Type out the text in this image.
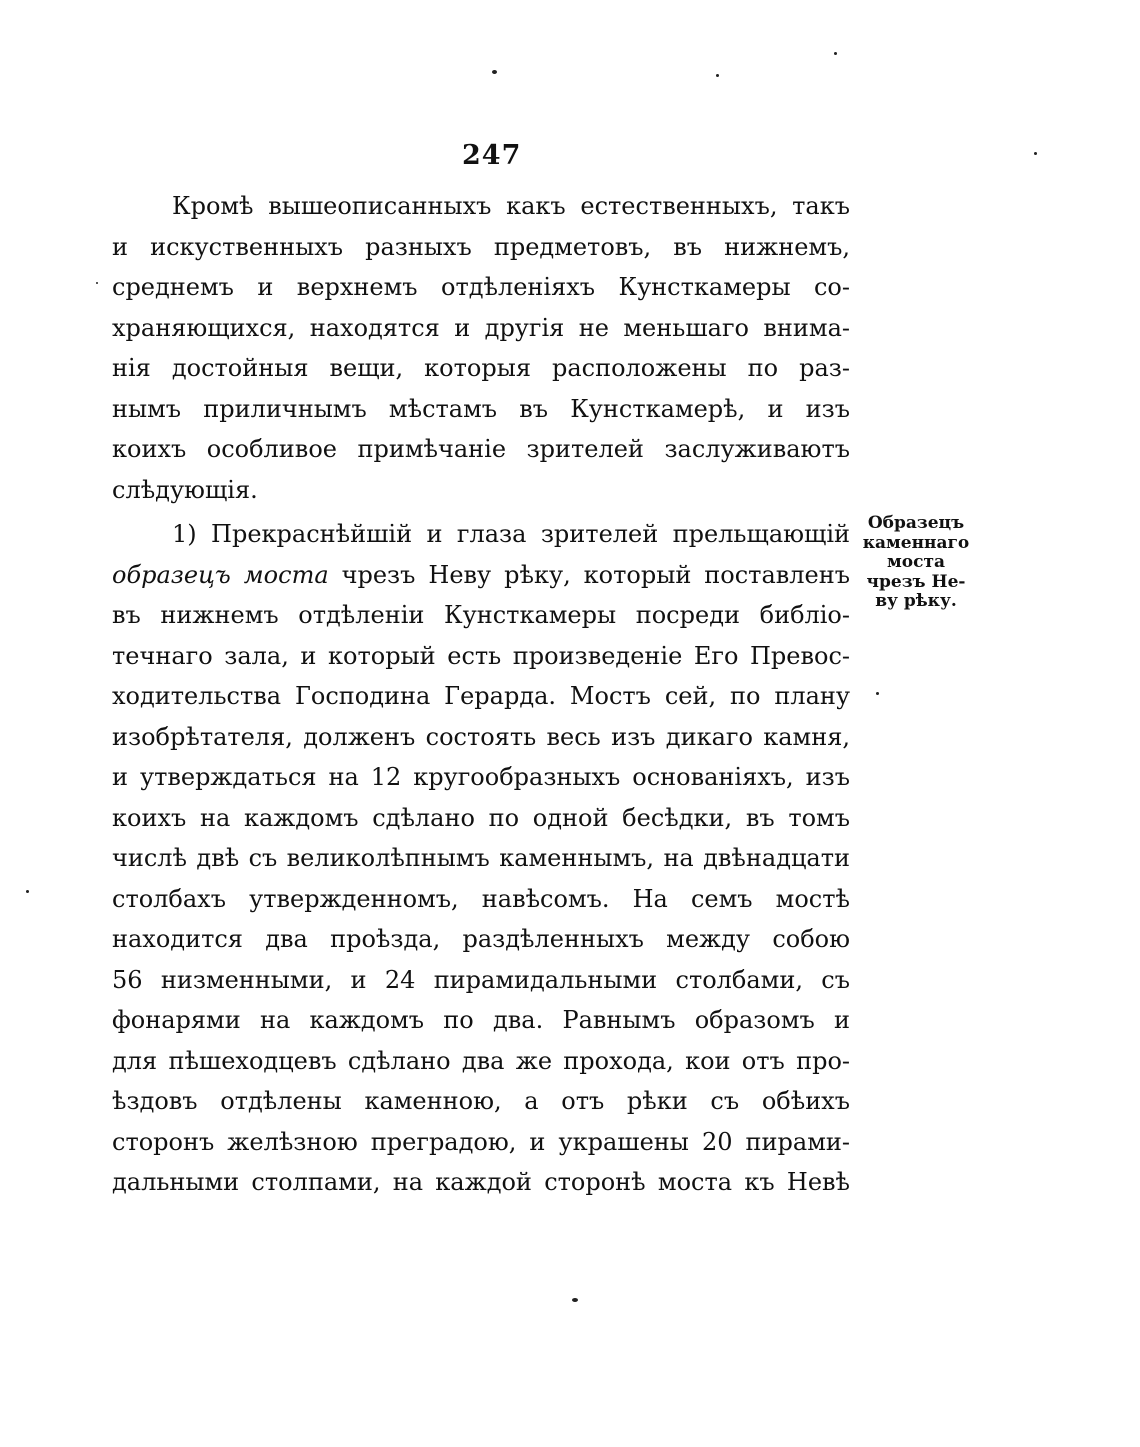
247
Кромѣ вышеописанныхъ какъ естественныхъ, такъ
и искуственныхъ разныхъ предметовъ, въ нижнемъ,
среднемъ и верхнемъ отдѣленіяхъ Кунсткамеры со-
храняющихся, находятся и другія не меньшаго внима-
нія достойныя вещи, которыя расположены по раз-
нымъ приличнымъ мѣстамъ въ Кунсткамерѣ, и изъ
коихъ особливое примѣчаніе зрителей заслуживаютъ
слѣдующія.
1) Прекраснѣйшій и глаза зрителей прельщающій
образецъ моста чрезъ Неву рѣку, который поставленъ
въ нижнемъ отдѣленіи Кунсткамеры посреди библіо-
течнаго зала, и который есть произведеніе Его Превос-
ходительства Господина Герарда. Мостъ сей, по плану
изобрѣтателя, долженъ состоять весь изъ дикаго камня,
и утверждаться на 12 кругообразныхъ основаніяхъ, изъ
коихъ на каждомъ сдѣлано по одной бесѣдки, въ томъ
числѣ двѣ съ великолѣпнымъ каменнымъ, на двѣнадцати
столбахъ утвержденномъ, навѣсомъ. На семъ мостѣ
находится два проѣзда, раздѣленныхъ между собою
56 низменными, и 24 пирамидальными столбами, съ
фонарями на каждомъ по два. Равнымъ образомъ и
для пѣшеходцевъ сдѣлано два же прохода, кои отъ про-
ѣздовъ отдѣлены каменною, а отъ рѣки съ обѣихъ
сторонъ желѣзною преградою, и украшены 20 пирами-
дальными столпами, на каждой сторонѣ моста къ Невѣ
Образецъ
каменнаго
моста
чрезъ Не-
ву рѣку.
